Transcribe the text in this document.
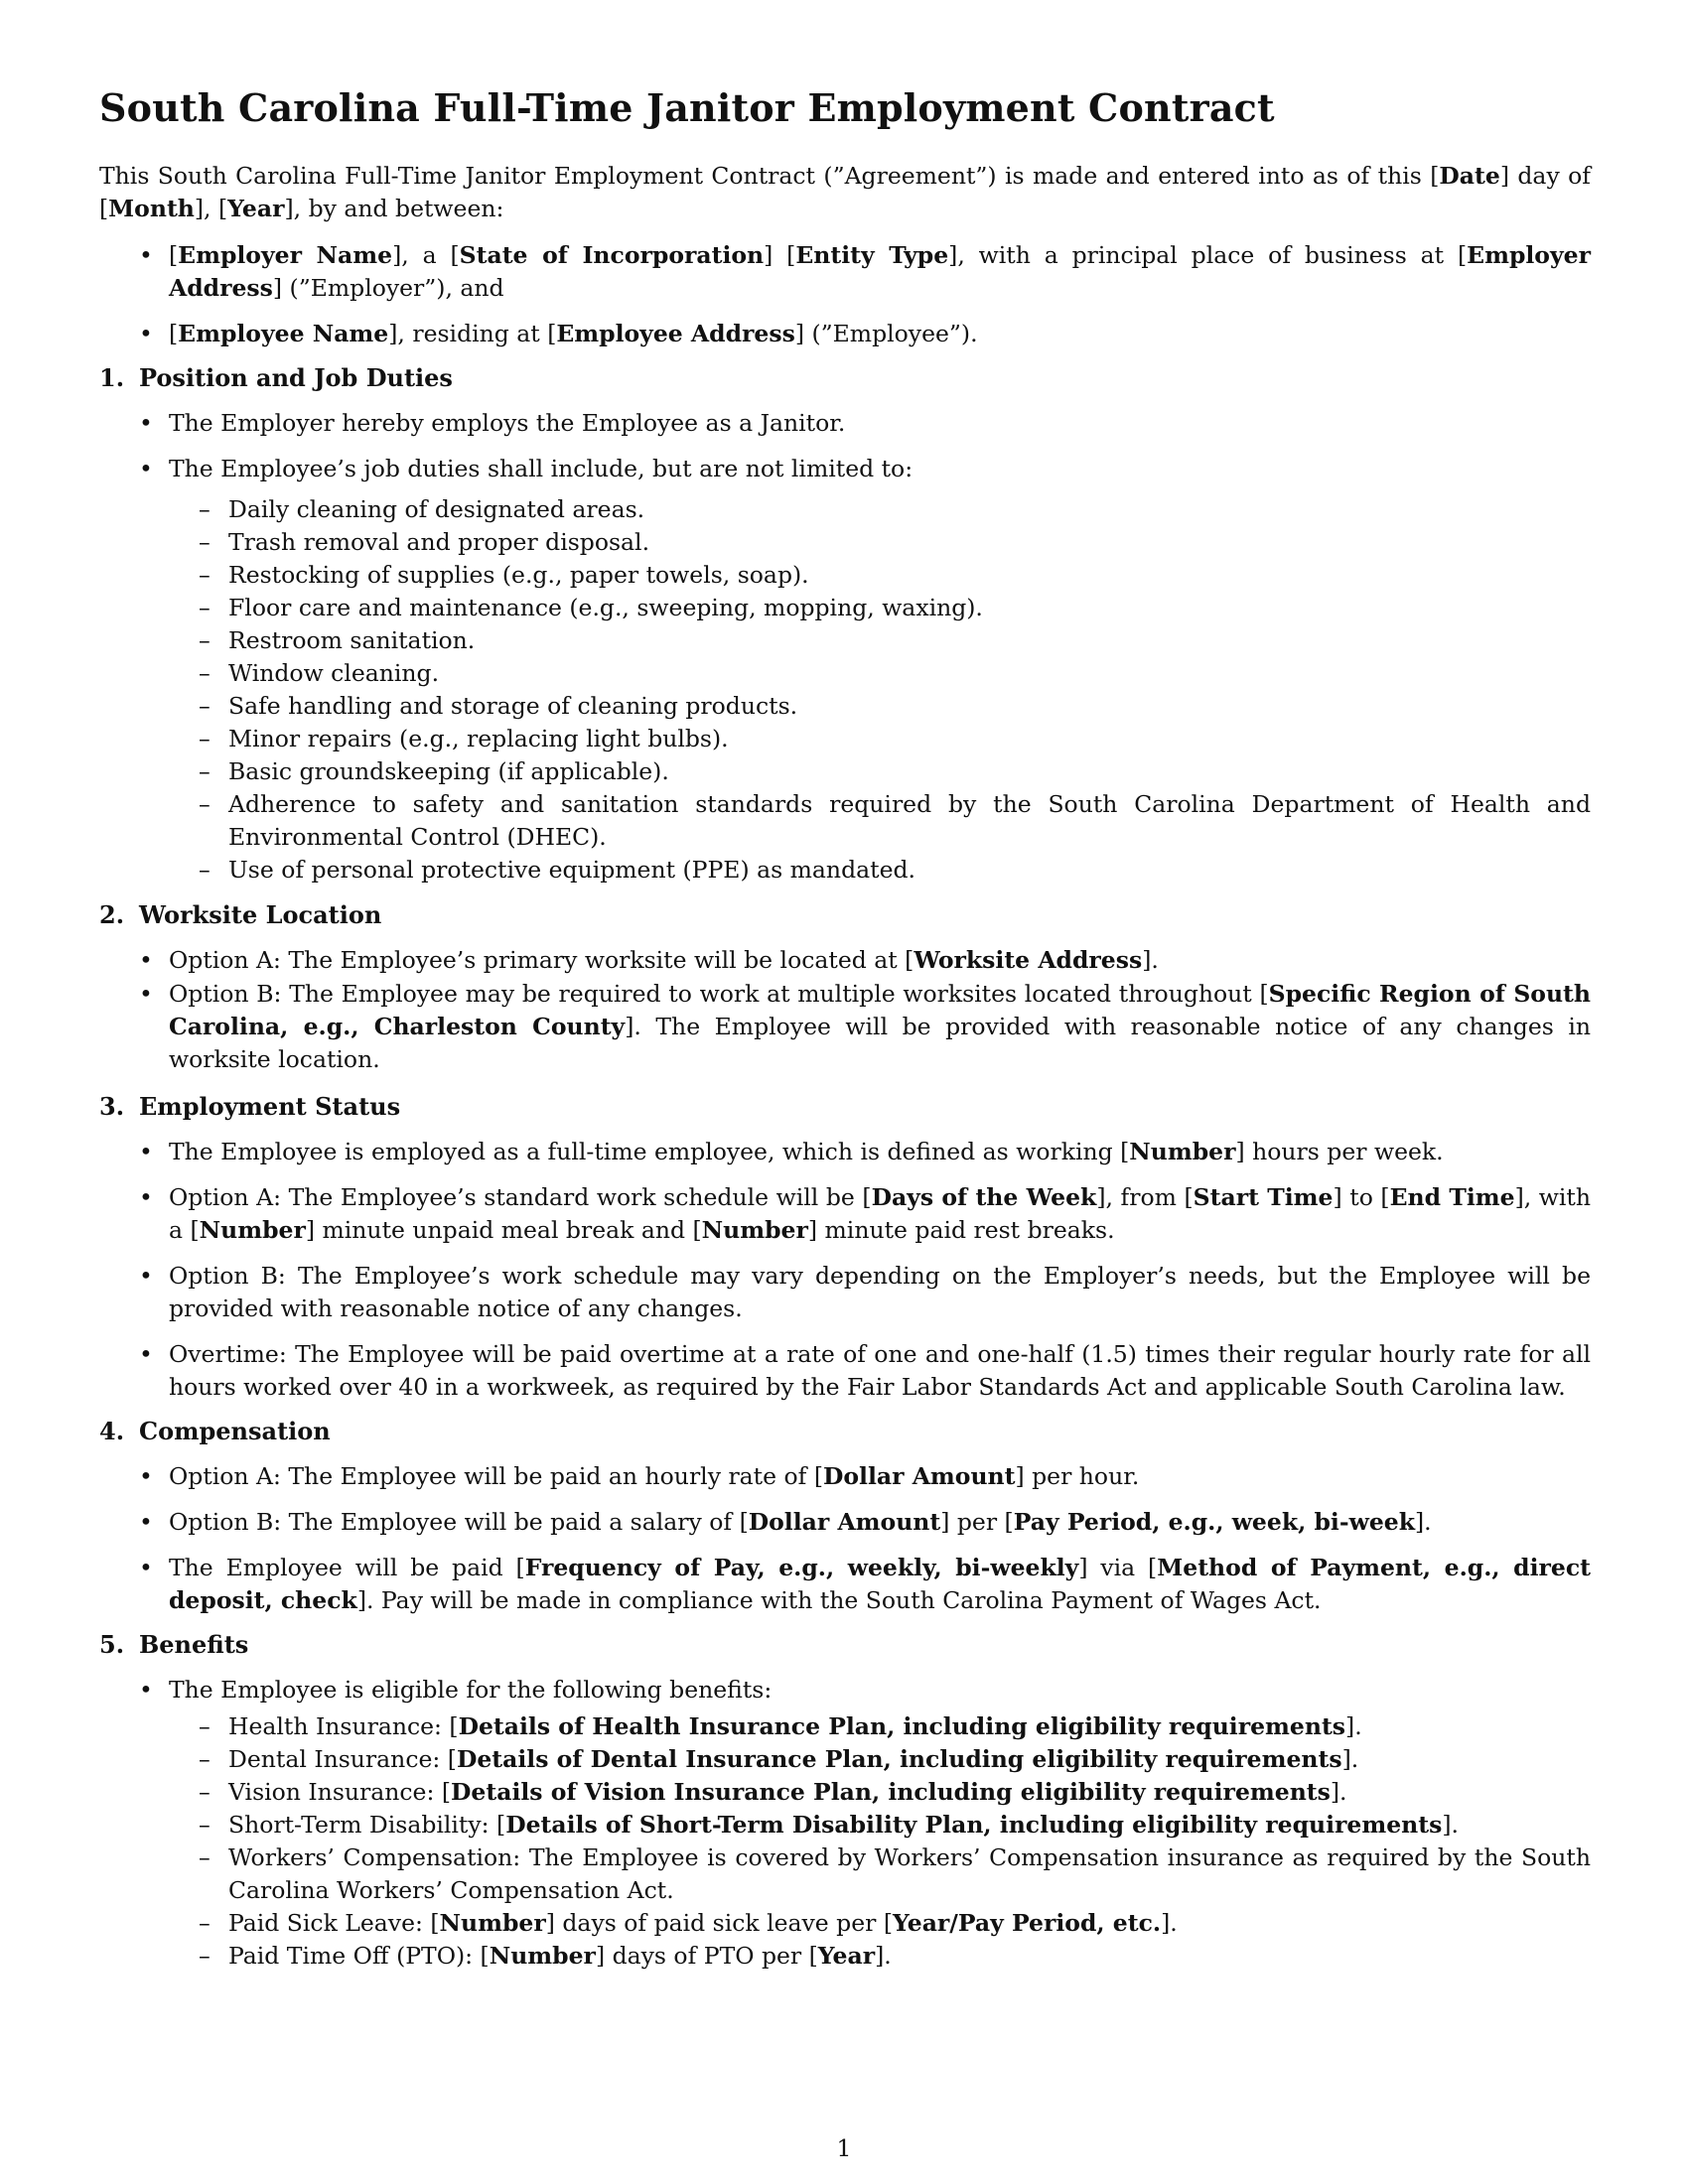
South Carolina Full-Time Janitor Employment Contract

This South Carolina Full-Time Janitor Employment Contract (”Agreement”) is made and entered into as of this [Date] day of [Month], [Year], by and between:

• [Employer Name], a [State of Incorporation] [Entity Type], with a principal place of business at [Employer Address] (”Employer”), and
• [Employee Name], residing at [Employee Address] (”Employee”).
1. Position and Job Duties
• The Employer hereby employs the Employee as a Janitor.
• The Employee’s job duties shall include, but are not limited to:
– Daily cleaning of designated areas.
– Trash removal and proper disposal.
– Restocking of supplies (e.g., paper towels, soap).
– Floor care and maintenance (e.g., sweeping, mopping, waxing).
– Restroom sanitation.
– Window cleaning.
– Safe handling and storage of cleaning products.
– Minor repairs (e.g., replacing light bulbs).
– Basic groundskeeping (if applicable).
– Adherence to safety and sanitation standards required by the South Carolina Department of Health and Environmental Control (DHEC).
– Use of personal protective equipment (PPE) as mandated.
2. Worksite Location
• Option A: The Employee’s primary worksite will be located at [Worksite Address].
• Option B: The Employee may be required to work at multiple worksites located throughout [Specific Region of South Carolina, e.g., Charleston County]. The Employee will be provided with reasonable notice of any changes in worksite location.
3. Employment Status
• The Employee is employed as a full-time employee, which is defined as working [Number] hours per week.
• Option A: The Employee’s standard work schedule will be [Days of the Week], from [Start Time] to [End Time], with a [Number] minute unpaid meal break and [Number] minute paid rest breaks.
• Option B: The Employee’s work schedule may vary depending on the Employer’s needs, but the Employee will be provided with reasonable notice of any changes.
• Overtime: The Employee will be paid overtime at a rate of one and one-half (1.5) times their regular hourly rate for all hours worked over 40 in a workweek, as required by the Fair Labor Standards Act and applicable South Carolina law.
4. Compensation
• Option A: The Employee will be paid an hourly rate of [Dollar Amount] per hour.
• Option B: The Employee will be paid a salary of [Dollar Amount] per [Pay Period, e.g., week, bi-week].
• The Employee will be paid [Frequency of Pay, e.g., weekly, bi-weekly] via [Method of Payment, e.g., direct deposit, check]. Pay will be made in compliance with the South Carolina Payment of Wages Act.
5. Benefits
• The Employee is eligible for the following benefits:
– Health Insurance: [Details of Health Insurance Plan, including eligibility requirements].
– Dental Insurance: [Details of Dental Insurance Plan, including eligibility requirements].
– Vision Insurance: [Details of Vision Insurance Plan, including eligibility requirements].
– Short-Term Disability: [Details of Short-Term Disability Plan, including eligibility requirements].
– Workers’ Compensation: The Employee is covered by Workers’ Compensation insurance as required by the South Carolina Workers’ Compensation Act.
– Paid Sick Leave: [Number] days of paid sick leave per [Year/Pay Period, etc.].
– Paid Time Off (PTO): [Number] days of PTO per [Year].
1
